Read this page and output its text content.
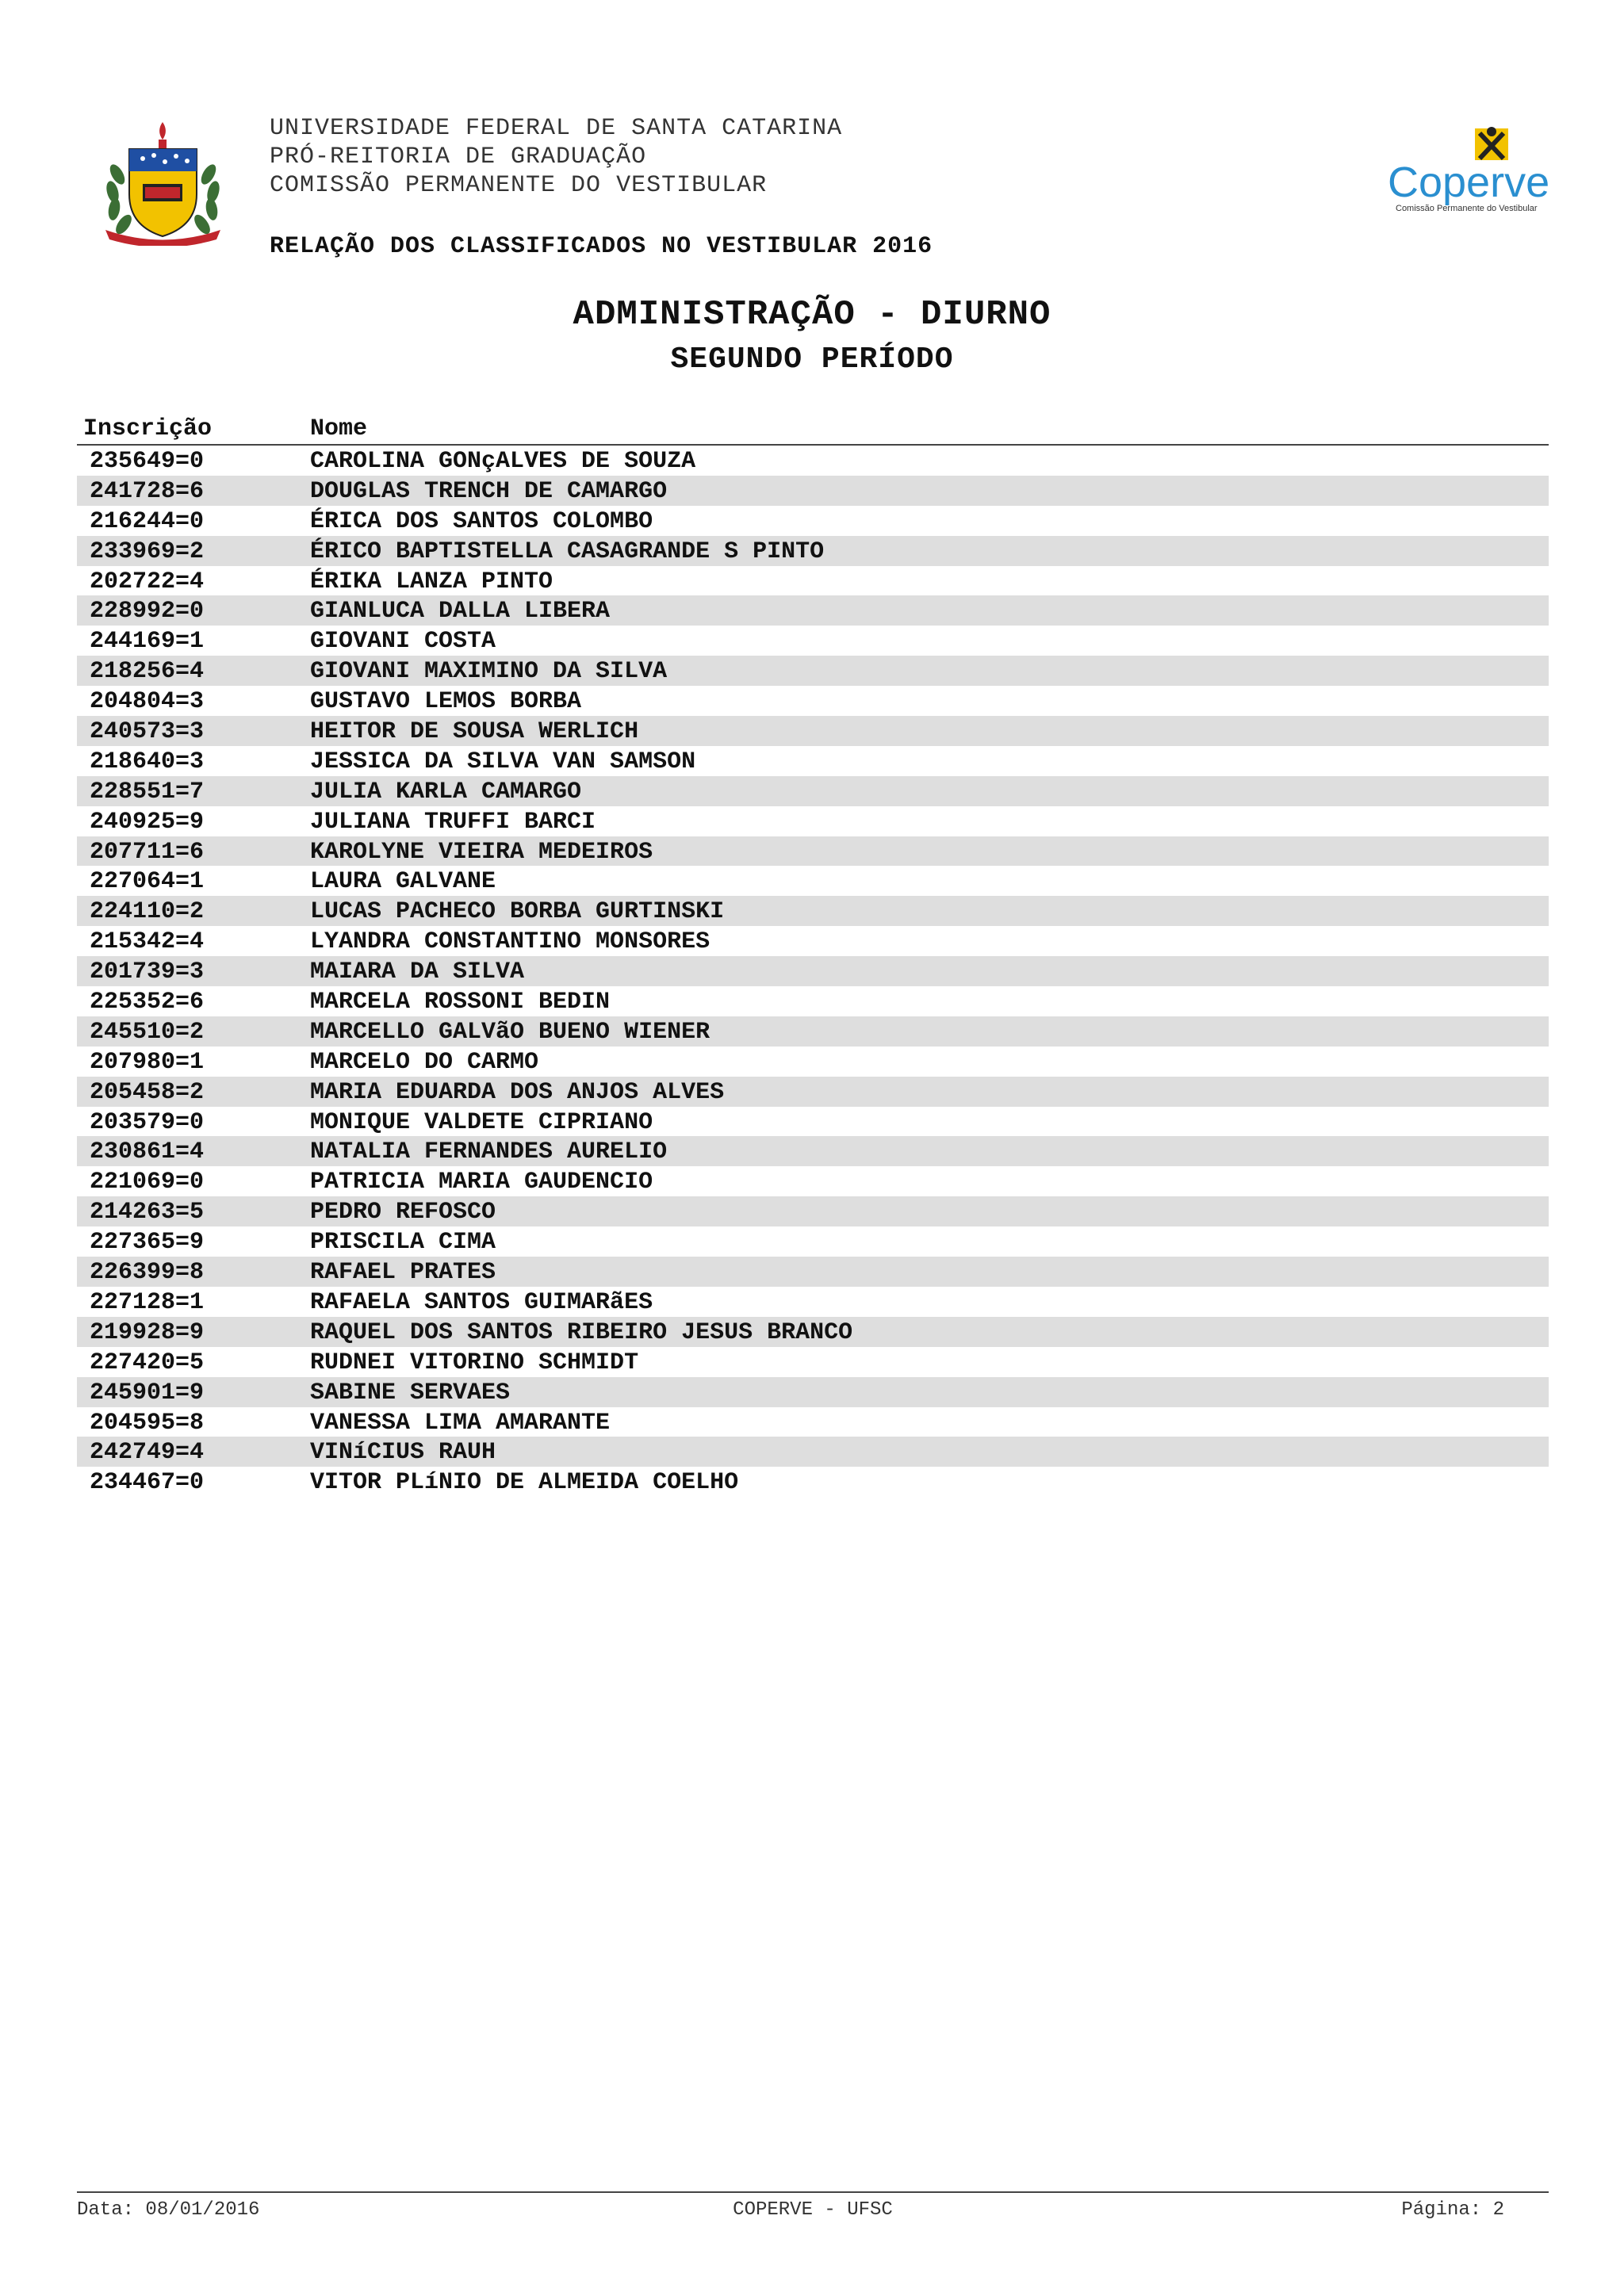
UNIVERSIDADE FEDERAL DE SANTA CATARINA
PRÓ-REITORIA DE GRADUAÇÃO
COMISSÃO PERMANENTE DO VESTIBULAR	Coperve
Comissão Permanente do Vestibular
RELAÇÃO DOS CLASSIFICADOS NO VESTIBULAR 2016
ADMINISTRAÇÃO - DIURNO
SEGUNDO PERÍODO
Inscrição	Nome
235649=0	CAROLINA GONçALVES DE SOUZA
241728=6	DOUGLAS TRENCH DE CAMARGO
216244=0	ÉRICA DOS SANTOS COLOMBO
233969=2	ÉRICO BAPTISTELLA CASAGRANDE S PINTO
202722=4	ÉRIKA LANZA PINTO
228992=0	GIANLUCA DALLA LIBERA
244169=1	GIOVANI COSTA
218256=4	GIOVANI MAXIMINO DA SILVA
204804=3	GUSTAVO LEMOS BORBA
240573=3	HEITOR DE SOUSA WERLICH
218640=3	JESSICA DA SILVA VAN SAMSON
228551=7	JULIA KARLA CAMARGO
240925=9	JULIANA TRUFFI BARCI
207711=6	KAROLYNE VIEIRA MEDEIROS
227064=1	LAURA GALVANE
224110=2	LUCAS PACHECO BORBA GURTINSKI
215342=4	LYANDRA CONSTANTINO MONSORES
201739=3	MAIARA DA SILVA
225352=6	MARCELA ROSSONI BEDIN
245510=2	MARCELLO GALVãO BUENO WIENER
207980=1	MARCELO DO CARMO
205458=2	MARIA EDUARDA DOS ANJOS ALVES
203579=0	MONIQUE VALDETE CIPRIANO
230861=4	NATALIA FERNANDES AURELIO
221069=0	PATRICIA MARIA GAUDENCIO
214263=5	PEDRO REFOSCO
227365=9	PRISCILA CIMA
226399=8	RAFAEL PRATES
227128=1	RAFAELA SANTOS GUIMARãES
219928=9	RAQUEL DOS SANTOS RIBEIRO JESUS BRANCO
227420=5	RUDNEI VITORINO SCHMIDT
245901=9	SABINE SERVAES
204595=8	VANESSA LIMA AMARANTE
242749=4	VINíCIUS RAUH
234467=0	VITOR PLíNIO DE ALMEIDA COELHO
Data: 08/01/2016	COPERVE - UFSC	Página: 2
